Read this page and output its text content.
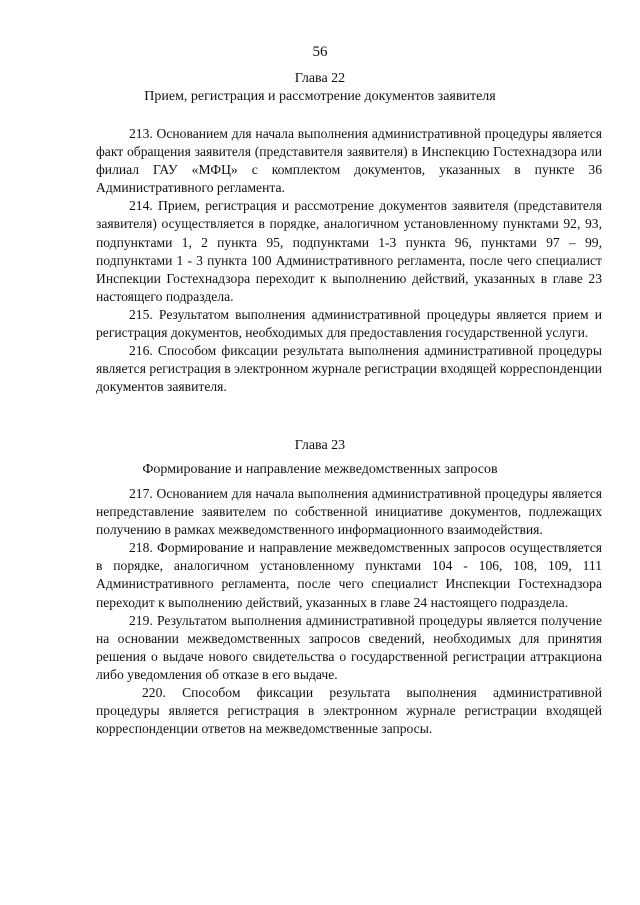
56
Глава 22
Прием, регистрация и рассмотрение документов заявителя

213. Основанием для начала выполнения административной процедуры является факт обращения заявителя (представителя заявителя) в Инспекцию Гостехнадзора или филиал ГАУ «МФЦ» с комплектом документов, указанных в пункте 36 Административного регламента.

214. Прием, регистрация и рассмотрение документов заявителя (представителя заявителя) осуществляется в порядке, аналогичном установленному пунктами 92, 93, подпунктами 1, 2 пункта 95, подпунктами 1-3 пункта 96, пунктами 97 – 99, подпунктами 1 - 3 пункта 100 Административного регламента, после чего специалист Инспекции Гостехнадзора переходит к выполнению действий, указанных в главе 23 настоящего подраздела.

215. Результатом выполнения административной процедуры является прием и регистрация документов, необходимых для предоставления государственной услуги.

216. Способом фиксации результата выполнения административной процедуры является регистрация в электронном журнале регистрации входящей корреспонденции документов заявителя.

Глава 23
Формирование и направление межведомственных запросов

217. Основанием для начала выполнения административной процедуры является непредставление заявителем по собственной инициативе документов, подлежащих получению в рамках межведомственного информационного взаимодействия.

218. Формирование и направление межведомственных запросов осуществляется в порядке, аналогичном установленному пунктами 104 - 106, 108, 109, 111 Административного регламента, после чего специалист Инспекции Гостехнадзора переходит к выполнению действий, указанных в главе 24 настоящего подраздела.

219. Результатом выполнения административной процедуры является получение на основании межведомственных запросов сведений, необходимых для принятия решения о выдаче нового свидетельства о государственной регистрации аттракциона либо уведомления об отказе в его выдаче.

220. Способом фиксации результата выполнения административной процедуры является регистрация в электронном журнале регистрации входящей корреспонденции ответов на межведомственные запросы.
